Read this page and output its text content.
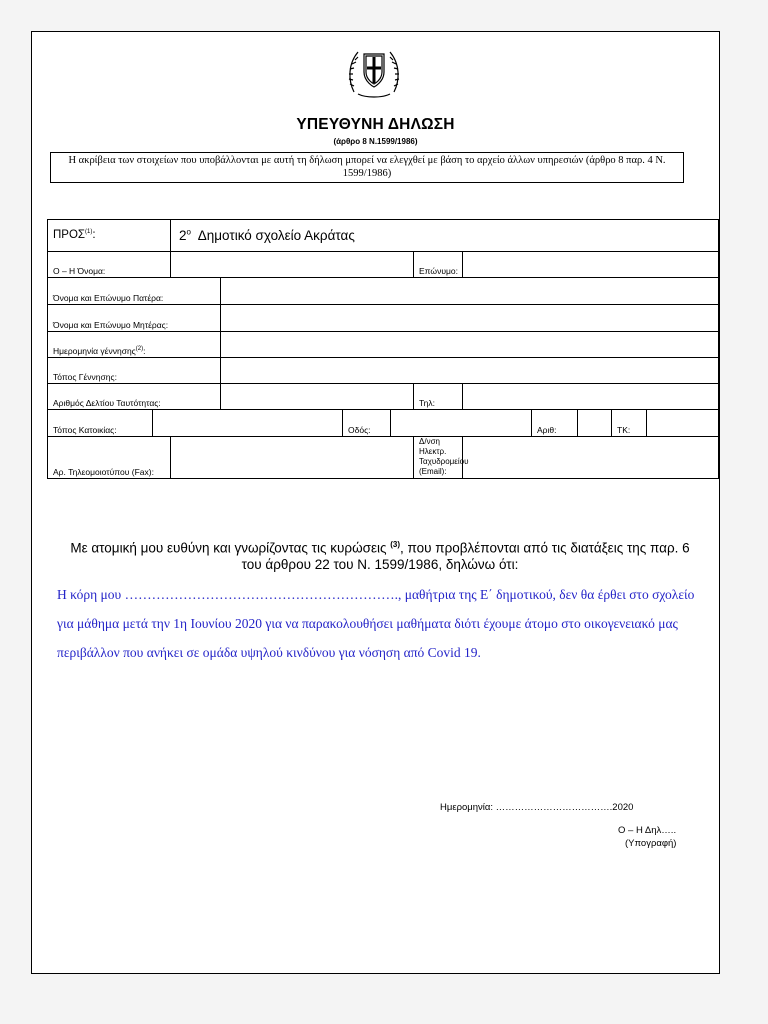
ΥΠΕΥΘΥΝΗ ΔΗΛΩΣΗ
(άρθρο 8 Ν.1599/1986)
Η ακρίβεια των στοιχείων που υποβάλλονται με αυτή τη δήλωση μπορεί να ελεγχθεί με βάση το αρχείο άλλων υπηρεσιών (άρθρο 8 παρ. 4 Ν. 1599/1986)
ΠΡΟΣ$^{(1)}$:		$2^o$ Δημοτικό σχολείο Ακράτας									
Ο – Η Όνομα:						Επώνυμο:					
Όνομα και Επώνυμο Πατέρα:											
Όνομα και Επώνυμο Μητέρας:											
Ημερομηνία γέννησης$^{(2)}$:											
Τόπος Γέννησης:											
Αριθμός Δελτίου Ταυτότητας:						Τηλ:					
Τόπος Κατοικίας:				Οδός:				Αριθ:		ΤΚ:	
Αρ. Τηλεομοιοτύπου (Fax):						Δ/νση Ηλεκτρ. Ταχυδρομείου (Email):					
Με ατομική μου ευθύνη και γνωρίζοντας τις κυρώσεις $^{(3)}$, που προβλέπονται από τις διατάξεις της παρ. 6 του άρθρου 22 του Ν. 1599/1986, δηλώνω ότι:
Η κόρη μου ……………………………………………………., μαθήτρια της Ε΄ δημοτικού, δεν θα έρθει στο σχολείο για μάθημα μετά την 1η Ιουνίου 2020 για να παρακολουθήσει μαθήματα διότι έχουμε άτομο στο οικογενειακό μας περιβάλλον που ανήκει σε ομάδα υψηλού κινδύνου για νόσηση από Covid 19.
Ημερομηνία: ……………………………….2020
Ο – Η Δηλ…..
(Υπογραφή)
